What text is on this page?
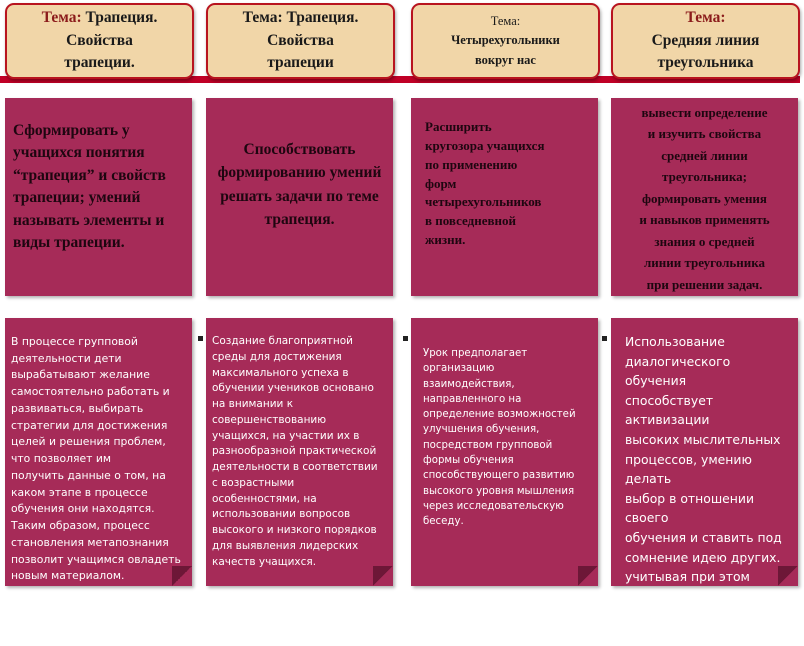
Тема: Трапеция.
Свойства
трапеции.
Сформировать у учащихся понятия “трапеция” и свойств трапеции; умений называть элементы и виды трапеции.
В процессе групповой
деятельности дети
вырабатывают желание
самостоятельно работать и
развиваться, выбирать
стратегии для достижения
целей и решения проблем,
что позволяет им
получить данные о том, на
каком этапе в процессе
обучения они находятся.
Таким образом, процесс
становления метапознания
позволит учащимся овладеть
новым материалом.
Тема: Трапеция.
Свойства
трапеции
Способствовать формированию умений решать задачи по теме трапеция.
Создание благоприятной
среды для достижения
максимального успеха в
обучении учеников основано
на внимании к
совершенствованию
учащихся, на участии их в
разнообразной практической
деятельности в соответствии
с возрастными
особенностями, на
использовании вопросов
высокого и низкого порядков
для выявления лидерских
качеств учащихся.
Тема:
Четырехугольники
вокруг нас
Расширить
кругозора учащихся
по применению
форм
четырехугольников
в повседневной
жизни.
Урок предполагает
организацию
взаимодействия,
направленного на
определение возможностей
улучшения обучения,
посредством групповой
формы обучения
способствующего развитию
высокого уровня мышления
через исследовательскую
беседу.
Тема:
Средняя линия
треугольника
вывести определение
и изучить свойства
средней линии
треугольника;
формировать умения
и навыков применять
знания о средней
линии треугольника
при решении задач.
Использование
диалогического обучения
способствует активизации
высоких мыслительных
процессов, умению делать
выбор в отношении своего
обучения и ставить под
сомнение идею других.
учитывая при этом
возрастные и
индивидуальные
особенности учащихся.
